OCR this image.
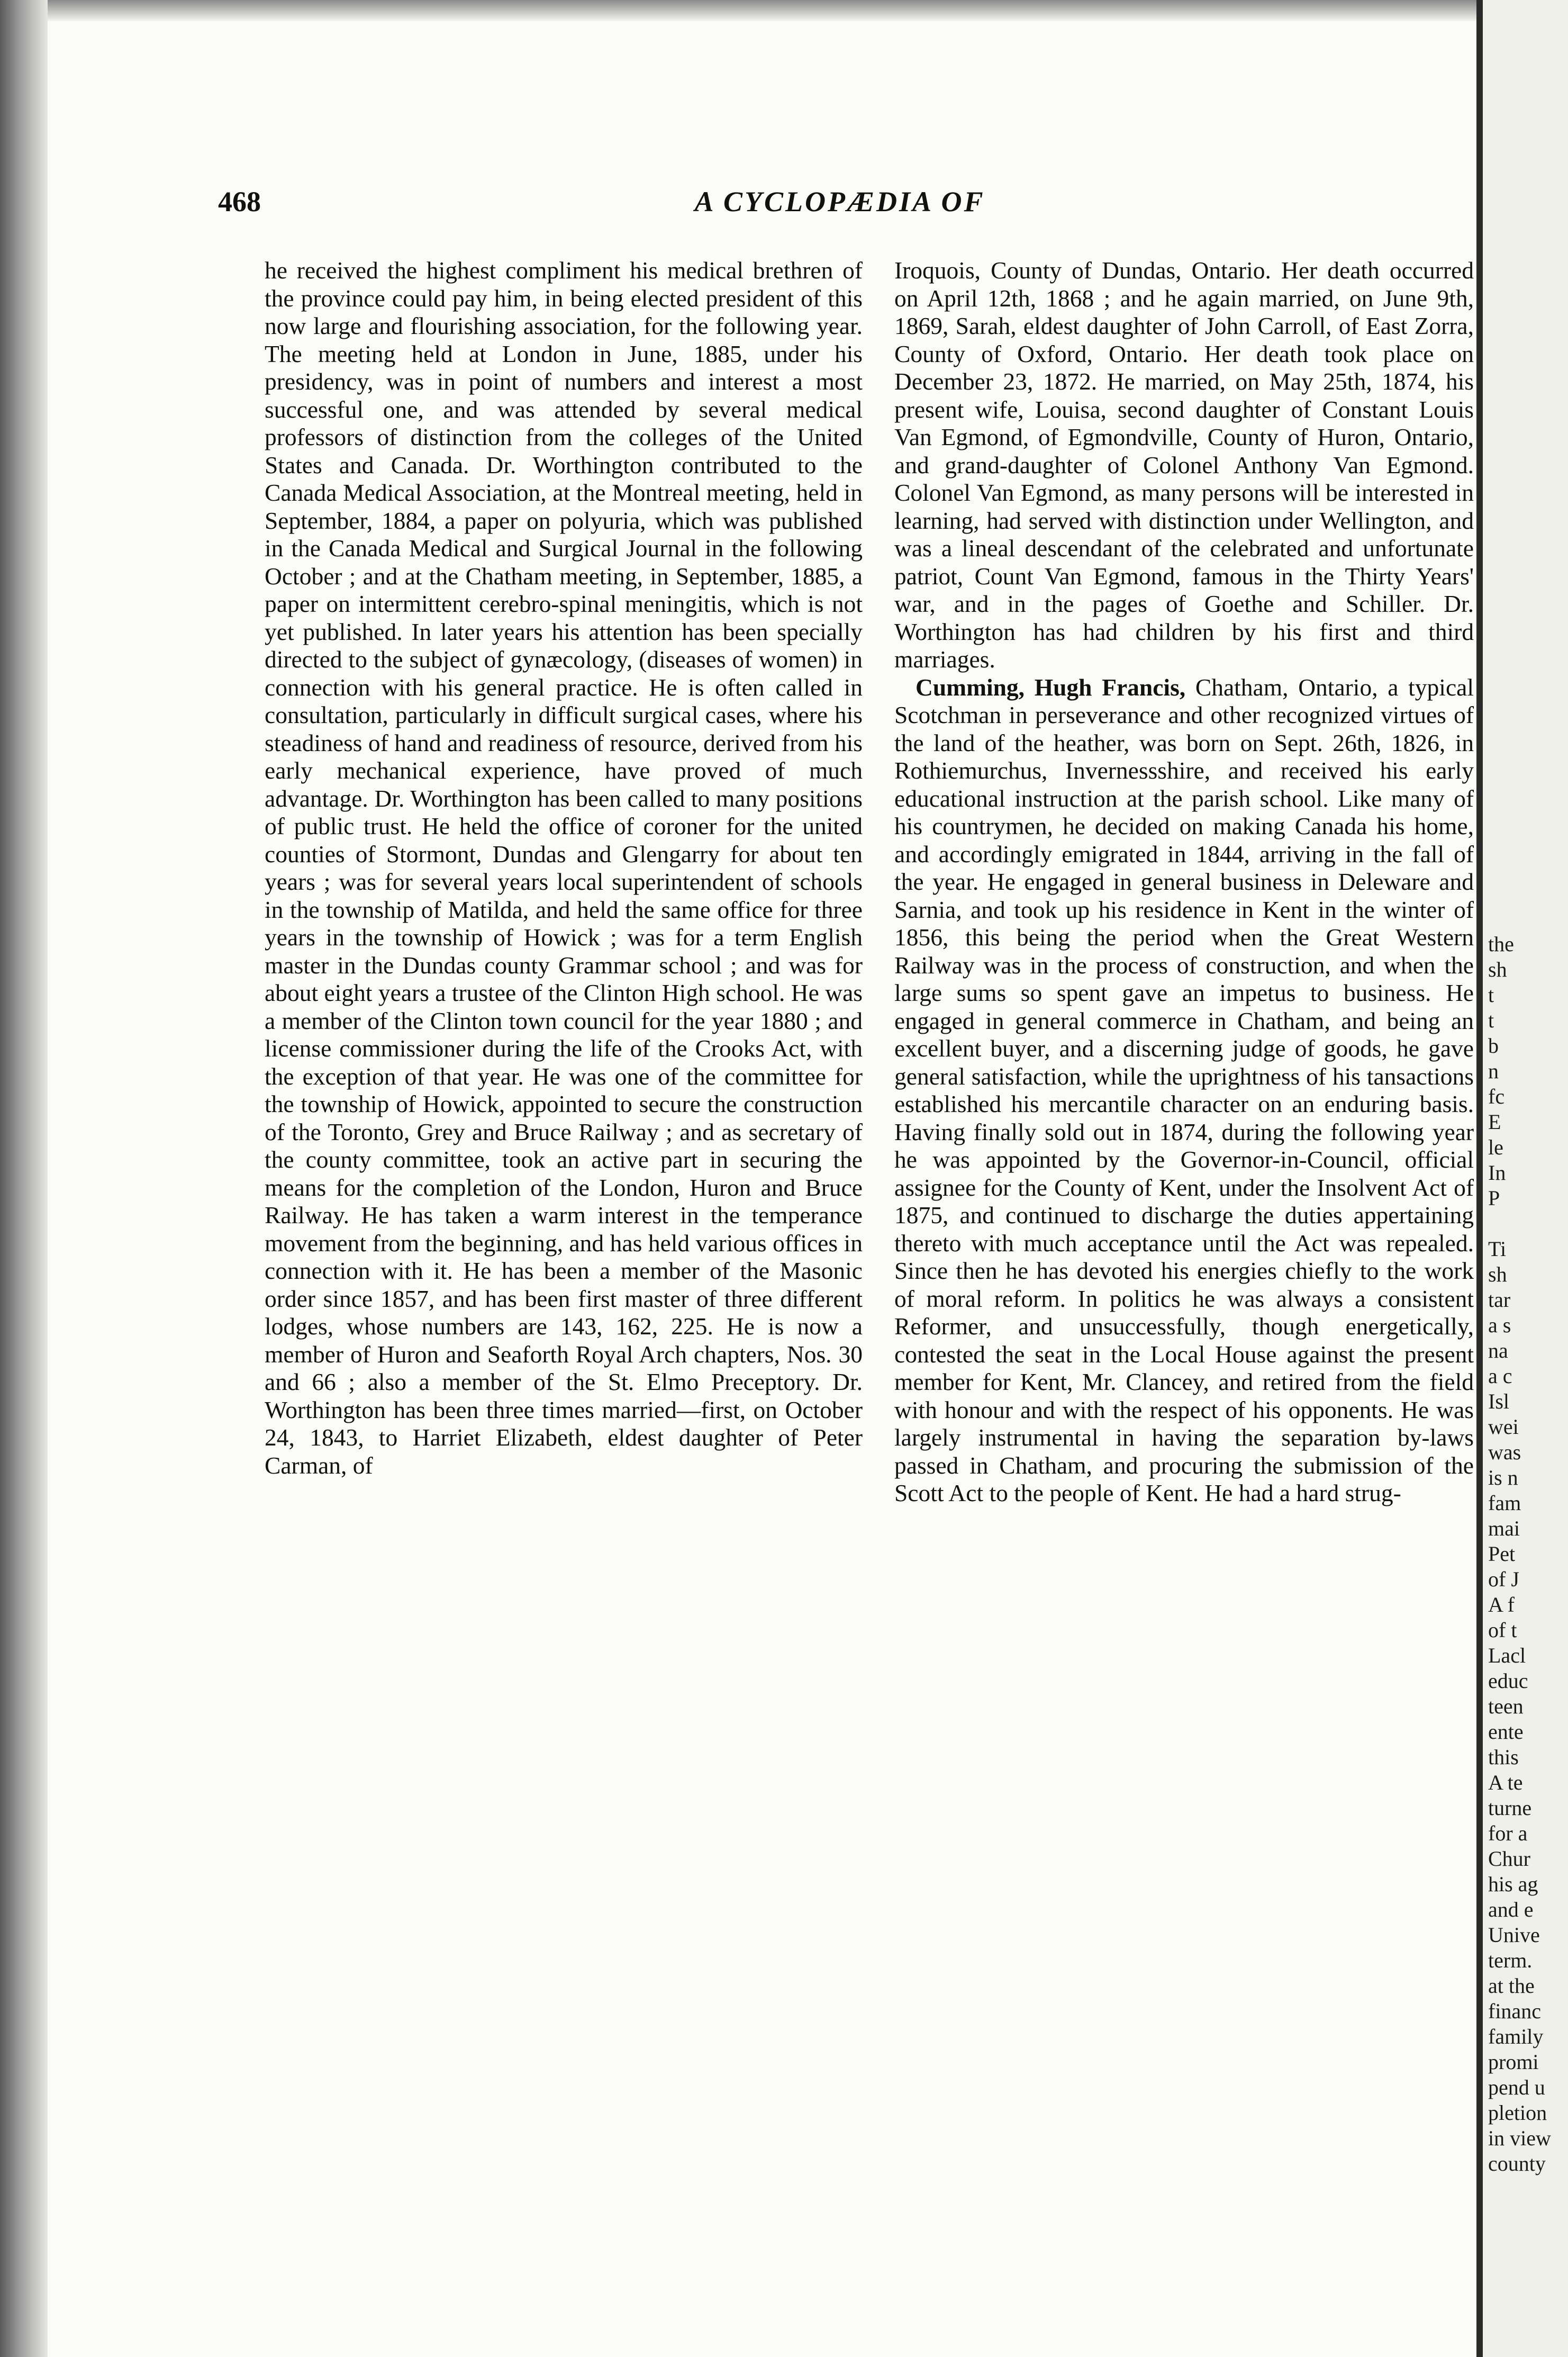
468	A CYCLOPÆDIA OF

he received the highest compliment his medical brethren of the province could pay him, in being elected president of this now large and flourishing association, for the following year. The meeting held at London in June, 1885, under his presidency, was in point of numbers and interest a most successful one, and was attended by several medical professors of distinction from the colleges of the United States and Canada. Dr. Worthington contributed to the Canada Medical Association, at the Montreal meeting, held in September, 1884, a paper on polyuria, which was published in the Canada Medical and Surgical Journal in the following October ; and at the Chatham meeting, in September, 1885, a paper on intermittent cerebro-spinal meningitis, which is not yet published. In later years his attention has been specially directed to the subject of gynæcology, (diseases of women) in connection with his general practice. He is often called in consultation, particularly in difficult surgical cases, where his steadiness of hand and readiness of resource, derived from his early mechanical experience, have proved of much advantage. Dr. Worthington has been called to many positions of public trust. He held the office of coroner for the united counties of Stormont, Dundas and Glengarry for about ten years ; was for several years local superintendent of schools in the township of Matilda, and held the same office for three years in the township of Howick ; was for a term English master in the Dundas county Grammar school ; and was for about eight years a trustee of the Clinton High school. He was a member of the Clinton town council for the year 1880 ; and license commissioner during the life of the Crooks Act, with the exception of that year. He was one of the committee for the township of Howick, appointed to secure the construction of the Toronto, Grey and Bruce Railway ; and as secretary of the county committee, took an active part in securing the means for the completion of the London, Huron and Bruce Railway. He has taken a warm interest in the temperance movement from the beginning, and has held various offices in connection with it. He has been a member of the Masonic order since 1857, and has been first master of three different lodges, whose numbers are 143, 162, 225. He is now a member of Huron and Seaforth Royal Arch chapters, Nos. 30 and 66 ; also a member of the St. Elmo Preceptory. Dr. Worthington has been three times married—first, on October 24, 1843, to Harriet Elizabeth, eldest daughter of Peter Carman, of

Iroquois, County of Dundas, Ontario. Her death occurred on April 12th, 1868 ; and he again married, on June 9th, 1869, Sarah, eldest daughter of John Carroll, of East Zorra, County of Oxford, Ontario. Her death took place on December 23, 1872. He married, on May 25th, 1874, his present wife, Louisa, second daughter of Constant Louis Van Egmond, of Egmondville, County of Huron, Ontario, and grand-daughter of Colonel Anthony Van Egmond. Colonel Van Egmond, as many persons will be interested in learning, had served with distinction under Wellington, and was a lineal descendant of the celebrated and unfortunate patriot, Count Van Egmond, famous in the Thirty Years' war, and in the pages of Goethe and Schiller. Dr. Worthington has had children by his first and third marriages.

Cumming, Hugh Francis, Chatham, Ontario, a typical Scotchman in perseverance and other recognized virtues of the land of the heather, was born on Sept. 26th, 1826, in Rothiemurchus, Invernessshire, and received his early educational instruction at the parish school. Like many of his countrymen, he decided on making Canada his home, and accordingly emigrated in 1844, arriving in the fall of the year. He engaged in general business in Deleware and Sarnia, and took up his residence in Kent in the winter of 1856, this being the period when the Great Western Railway was in the process of construction, and when the large sums so spent gave an impetus to business. He engaged in general commerce in Chatham, and being an excellent buyer, and a discerning judge of goods, he gave general satisfaction, while the uprightness of his tansactions established his mercantile character on an enduring basis. Having finally sold out in 1874, during the following year he was appointed by the Governor-in-Council, official assignee for the County of Kent, under the Insolvent Act of 1875, and continued to discharge the duties appertaining thereto with much acceptance until the Act was repealed. Since then he has devoted his energies chiefly to the work of moral reform. In politics he was always a consistent Reformer, and unsuccessfully, though energetically, contested the seat in the Local House against the present member for Kent, Mr. Clancey, and retired from the field with honour and with the respect of his opponents. He was largely instrumental in having the separation by-laws passed in Chatham, and procuring the submission of the Scott Act to the people of Kent. He had a hard strug-

the
sh
t
t
b
n
fc
E
le
In
P

Ti
sh
tar
a s
na
a c
Isl
wei
was
is n
fam
mai
Pet
of J
A f
of t
Lacl
educ
teen
ente
this
A te
turne
for a
Chur
his ag
and e
Unive
term.
at the
financ
family
promi
pend u
pletion
in view
county
